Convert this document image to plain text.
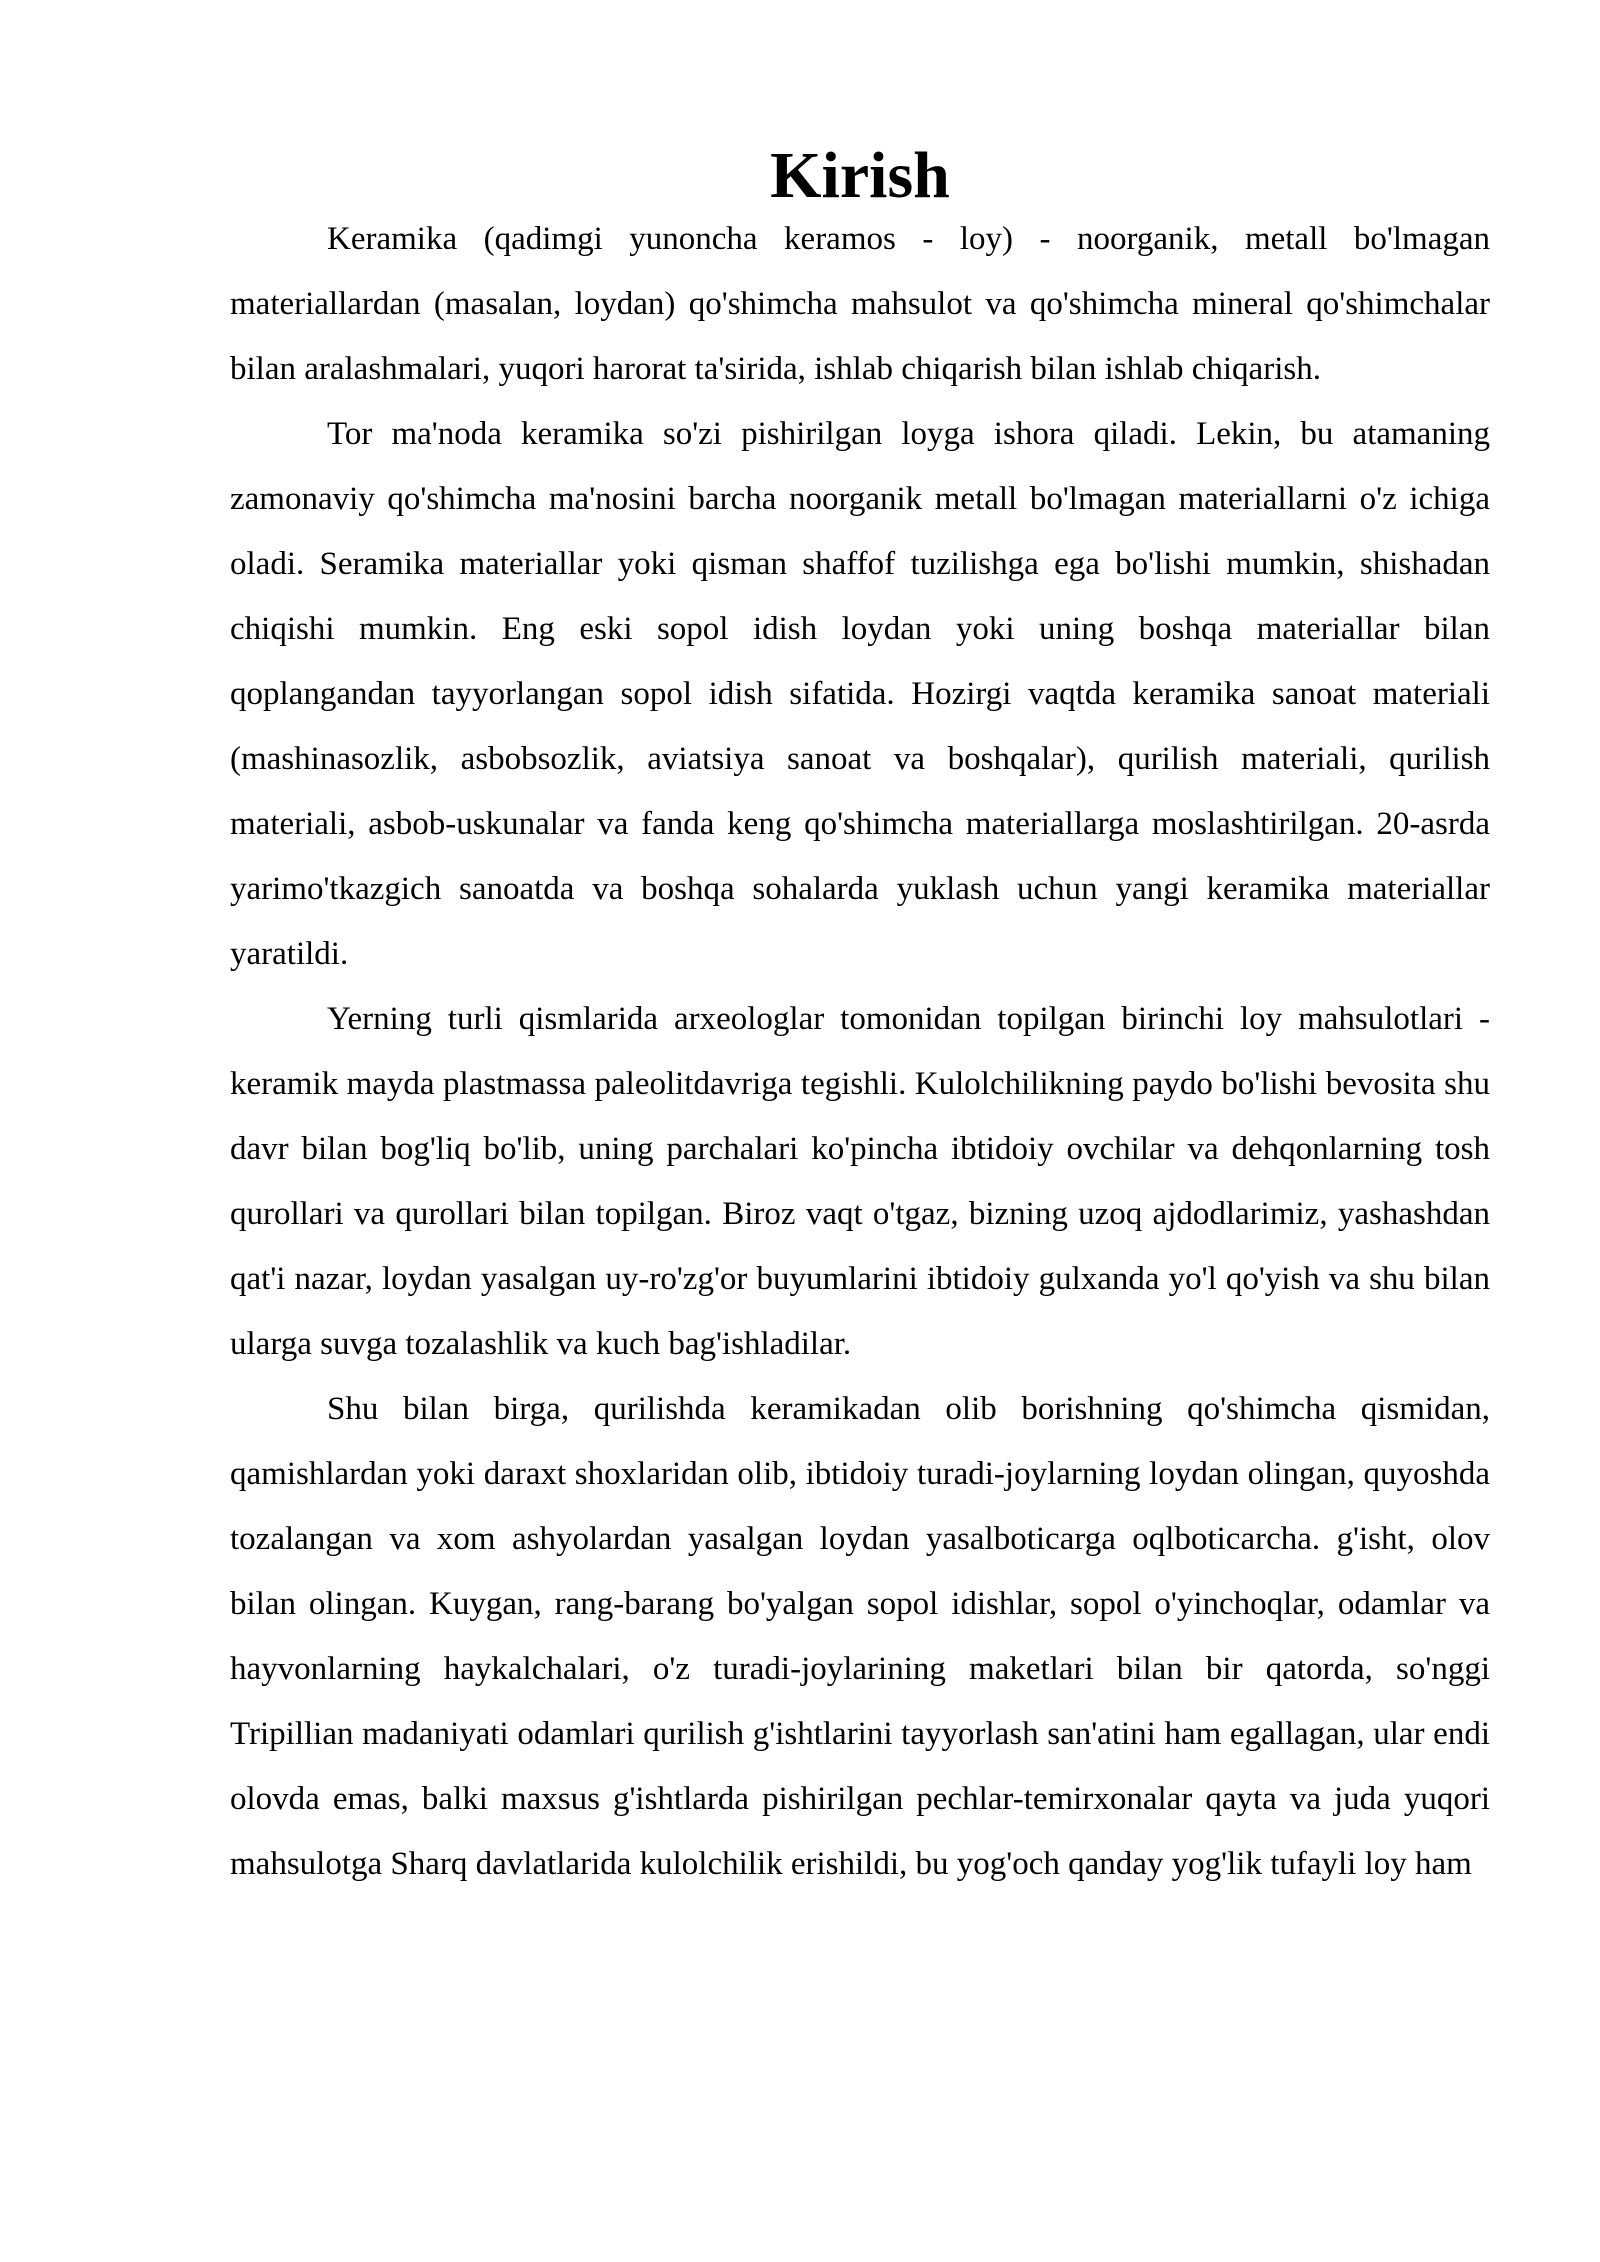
Kirish

Keramika (qadimgi yunoncha keramos - loy) - noorganik, metall bo'lmagan materiallardan (masalan, loydan) qo'shimcha mahsulot va qo'shimcha mineral qo'shimchalar bilan aralashmalari, yuqori harorat ta'sirida, ishlab chiqarish bilan ishlab chiqarish.

Tor ma'noda keramika so'zi pishirilgan loyga ishora qiladi. Lekin, bu atamaning zamonaviy qo'shimcha ma'nosini barcha noorganik metall bo'lmagan materiallarni o'z ichiga oladi. Seramika materiallar yoki qisman shaffof tuzilishga ega bo'lishi mumkin, shishadan chiqishi mumkin. Eng eski sopol idish loydan yoki uning boshqa materiallar bilan qoplangandan tayyorlangan sopol idish sifatida. Hozirgi vaqtda keramika sanoat materiali (mashinasozlik, asbobsozlik, aviatsiya sanoat va boshqalar), qurilish materiali, qurilish materiali, asbob-uskunalar va fanda keng qo'shimcha materiallarga moslashtirilgan. 20-asrda yarimo'tkazgich sanoatda va boshqa sohalarda yuklash uchun yangi keramika materiallar yaratildi.

Yerning turli qismlarida arxeologlar tomonidan topilgan birinchi loy mahsulotlari - keramik mayda plastmassa paleolitdavriga tegishli. Kulolchilikning paydo bo'lishi bevosita shu davr bilan bog'liq bo'lib, uning parchalari ko'pincha ibtidoiy ovchilar va dehqonlarning tosh qurollari va qurollari bilan topilgan. Biroz vaqt o'tgaz, bizning uzoq ajdodlarimiz, yashashdan qat'i nazar, loydan yasalgan uy-ro'zg'or buyumlarini ibtidoiy gulxanda yo'l qo'yish va shu bilan ularga suvga tozalashlik va kuch bag'ishladilar.

Shu bilan birga, qurilishda keramikadan olib borishning qo'shimcha qismidan, qamishlardan yoki daraxt shoxlaridan olib, ibtidoiy turadi-joylarning loydan olingan, quyoshda tozalangan va xom ashyolardan yasalgan loydan yasalboticarga oqlboticarcha. g'isht, olov bilan olingan. Kuygan, rang-barang bo'yalgan sopol idishlar, sopol o'yinchoqlar, odamlar va hayvonlarning haykalchalari, o'z turadi-joylarining maketlari bilan bir qatorda, so'nggi Tripillian madaniyati odamlari qurilish g'ishtlarini tayyorlash san'atini ham egallagan, ular endi olovda emas, balki maxsus g'ishtlarda pishirilgan pechlar-temirxonalar qayta va juda yuqori mahsulotga Sharq davlatlarida kulolchilik erishildi, bu yog'och qanday yog'lik tufayli loy ham
